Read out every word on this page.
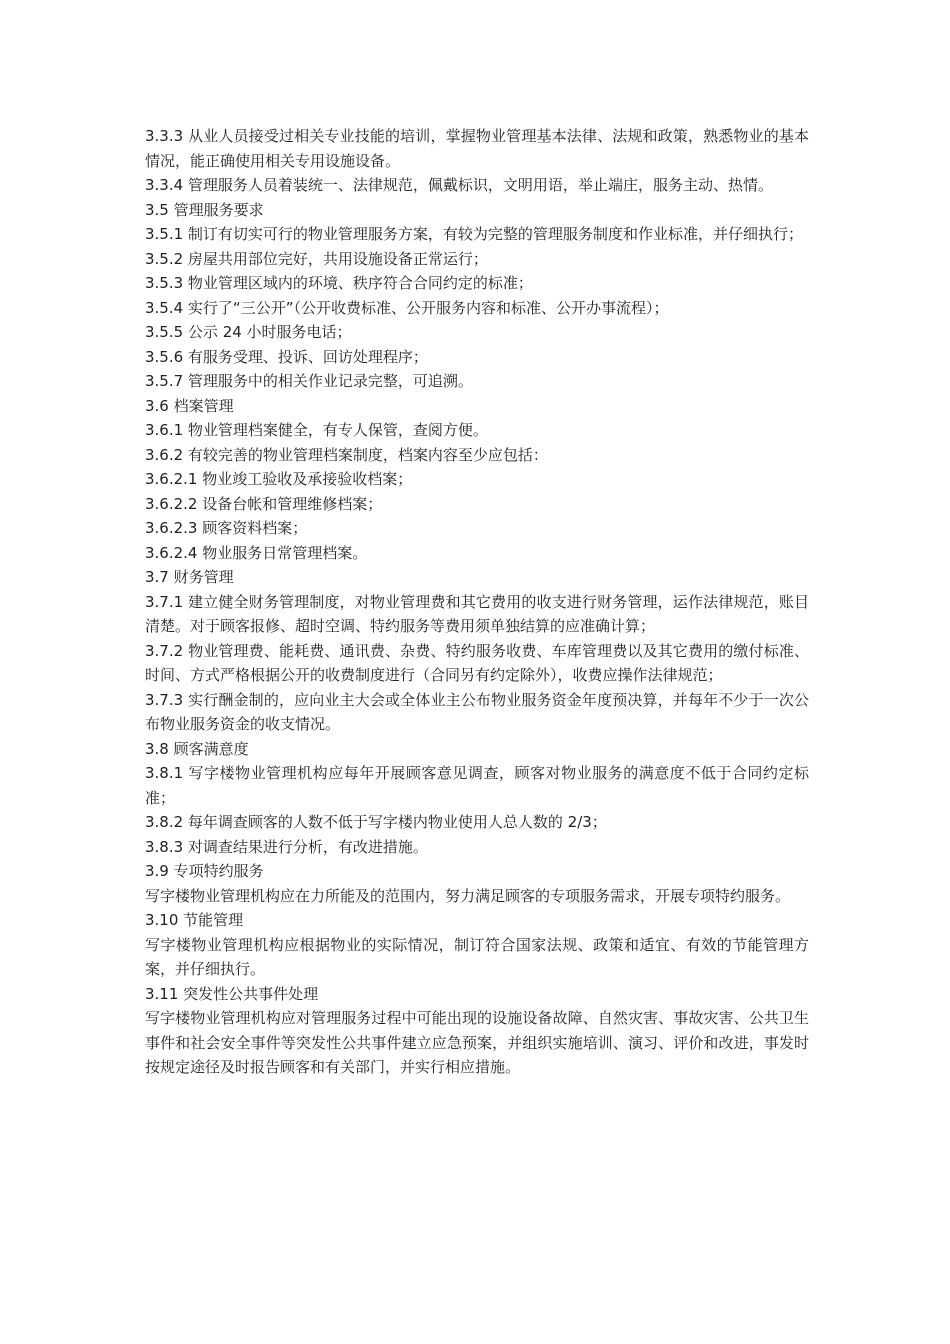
3.3.3 从业人员接受过相关专业技能的培训，掌握物业管理基本法律、法规和政策，熟悉物业的基本情况，能正确使用相关专用设施设备。

3.3.4 管理服务人员着装统一、法律规范，佩戴标识，文明用语，举止端庄，服务主动、热情。

3.5 管理服务要求

3.5.1 制订有切实可行的物业管理服务方案，有较为完整的管理服务制度和作业标准，并仔细执行；

3.5.2 房屋共用部位完好，共用设施设备正常运行；

3.5.3 物业管理区域内的环境、秩序符合合同约定的标准；

3.5.4 实行了“三公开”（公开收费标准、公开服务内容和标准、公开办事流程）；

3.5.5 公示 24 小时服务电话；

3.5.6 有服务受理、投诉、回访处理程序；

3.5.7 管理服务中的相关作业记录完整，可追溯。

3.6 档案管理

3.6.1 物业管理档案健全，有专人保管，查阅方便。

3.6.2 有较完善的物业管理档案制度，档案内容至少应包括：

3.6.2.1 物业竣工验收及承接验收档案；

3.6.2.2 设备台帐和管理维修档案；

3.6.2.3 顾客资料档案；

3.6.2.4 物业服务日常管理档案。

3.7 财务管理

3.7.1 建立健全财务管理制度，对物业管理费和其它费用的收支进行财务管理，运作法律规范，账目清楚。对于顾客报修、超时空调、特约服务等费用须单独结算的应准确计算；

3.7.2 物业管理费、能耗费、通讯费、杂费、特约服务收费、车库管理费以及其它费用的缴付标准、时间、方式严格根据公开的收费制度进行（合同另有约定除外），收费应操作法律规范；

3.7.3 实行酬金制的，应向业主大会或全体业主公布物业服务资金年度预决算，并每年不少于一次公布物业服务资金的收支情况。

3.8 顾客满意度

3.8.1 写字楼物业管理机构应每年开展顾客意见调查，顾客对物业服务的满意度不低于合同约定标准；

3.8.2 每年调查顾客的人数不低于写字楼内物业使用人总人数的 2/3；

3.8.3 对调查结果进行分析，有改进措施。

3.9 专项特约服务

写字楼物业管理机构应在力所能及的范围内，努力满足顾客的专项服务需求，开展专项特约服务。

3.10 节能管理

写字楼物业管理机构应根据物业的实际情况，制订符合国家法规、政策和适宜、有效的节能管理方案，并仔细执行。

3.11 突发性公共事件处理

写字楼物业管理机构应对管理服务过程中可能出现的设施设备故障、自然灾害、事故灾害、公共卫生事件和社会安全事件等突发性公共事件建立应急预案，并组织实施培训、演习、评价和改进，事发时按规定途径及时报告顾客和有关部门，并实行相应措施。
